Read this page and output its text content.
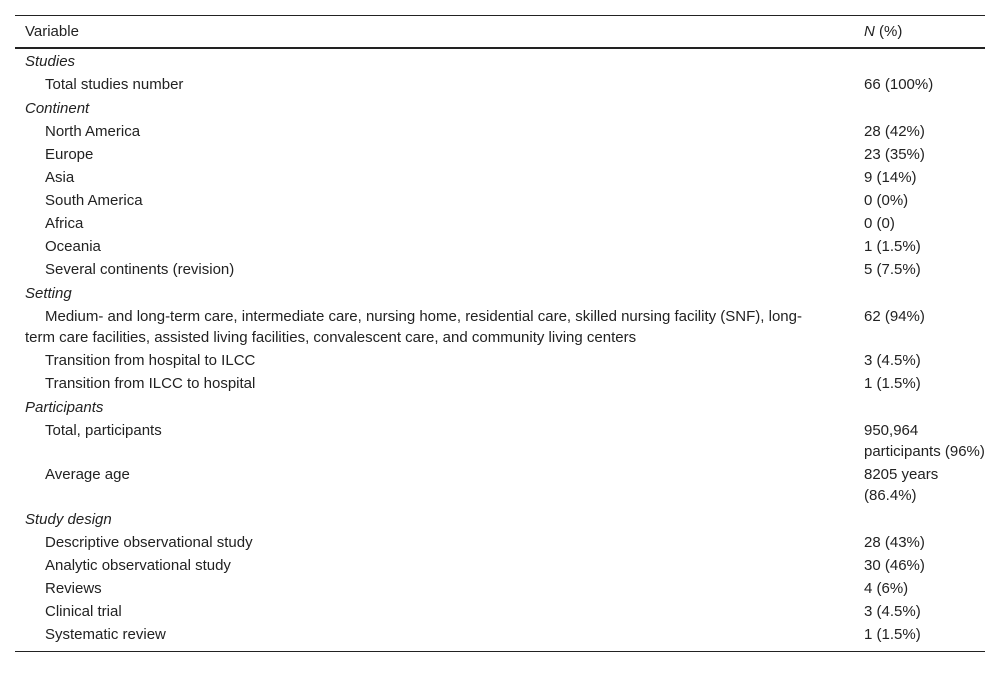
Variable	N (%)
Studies	
Total studies number	66 (100%)
Continent	
North America	28 (42%)
Europe	23 (35%)
Asia	9 (14%)
South America	0 (0%)
Africa	0 (0)
Oceania	1 (1.5%)
Several continents (revision)	5 (7.5%)
Setting	
Medium- and long-term care, intermediate care, nursing home, residential care, skilled nursing facility (SNF), long-term care facilities, assisted living facilities, convalescent care, and community living centers	62 (94%)
Transition from hospital to ILCC	3 (4.5%)
Transition from ILCC to hospital	1 (1.5%)
Participants	
Total, participants	950,964 participants (96%)
Average age	8205 years (86.4%)
Study design	
Descriptive observational study	28 (43%)
Analytic observational study	30 (46%)
Reviews	4 (6%)
Clinical trial	3 (4.5%)
Systematic review	1 (1.5%)
